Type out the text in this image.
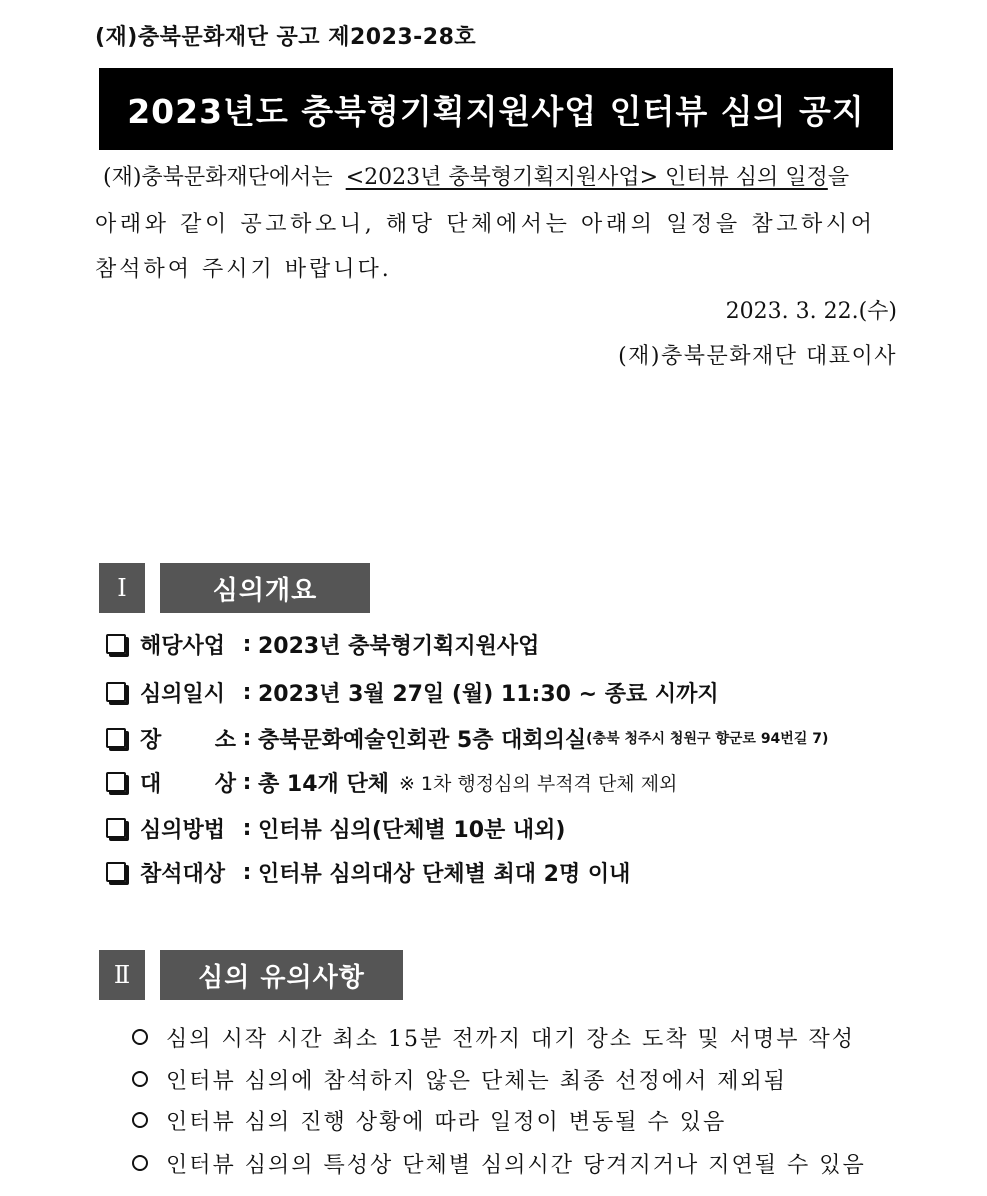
(재)충북문화재단 공고 제2023-28호
2023년도 충북형기획지원사업 인터뷰 심의 공지
(재)충북문화재단에서는 <2023년 충북형기획지원사업> 인터뷰 심의 일정을
아래와 같이 공고하오니, 해당 단체에서는 아래의 일정을 참고하시어
참석하여 주시기 바랍니다.
2023. 3. 22.(수)
(재)충북문화재단 대표이사
Ⅰ	심의개요
해당사업 : 2023년 충북형기획지원사업
심의일시 : 2023년 3월 27일 (월) 11:30 ~ 종료 시까지
장 소 : 충북문화예술인회관 5층 대회의실 (충북 청주시 청원구 향군로 94번길 7)
대 상 : 총 14개 단체 ※ 1차 행정심의 부적격 단체 제외
심의방법 : 인터뷰 심의(단체별 10분 내외)
참석대상 : 인터뷰 심의대상 단체별 최대 2명 이내
Ⅱ	심의 유의사항
심의 시작 시간 최소 15분 전까지 대기 장소 도착 및 서명부 작성
인터뷰 심의에 참석하지 않은 단체는 최종 선정에서 제외됨
인터뷰 심의 진행 상황에 따라 일정이 변동될 수 있음
인터뷰 심의의 특성상 단체별 심의시간 당겨지거나 지연될 수 있음
